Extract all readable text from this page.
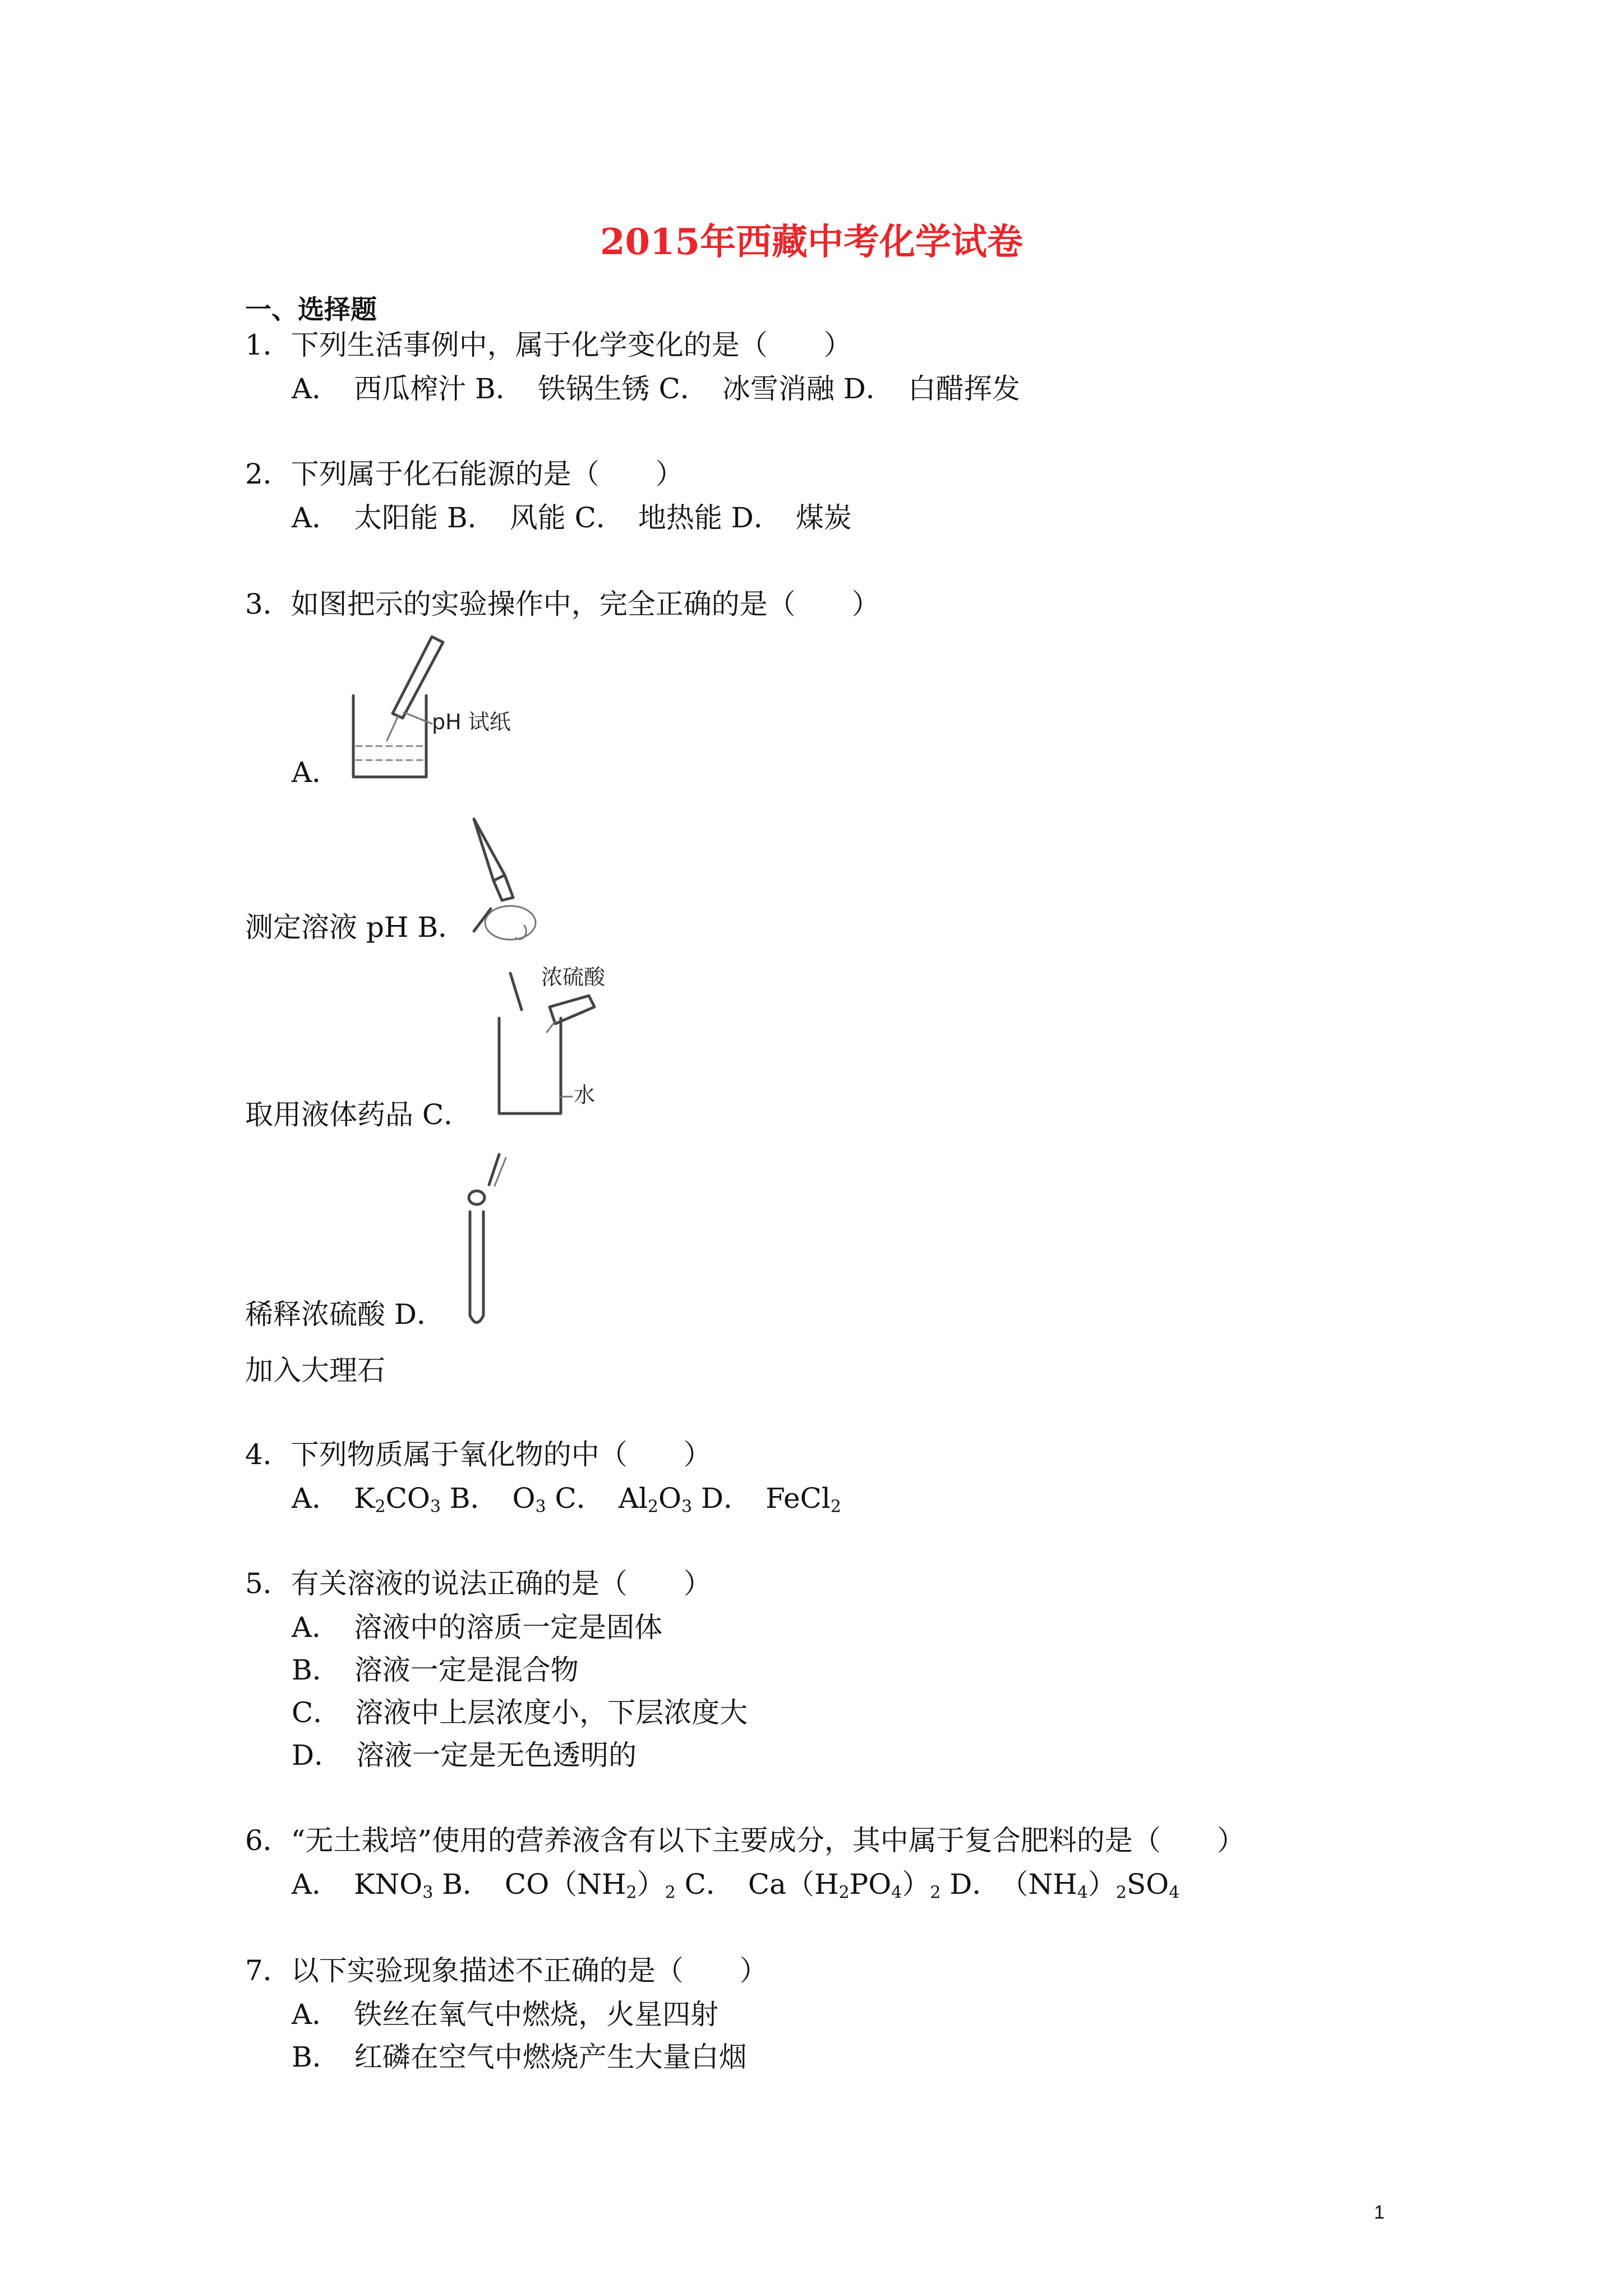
2015年西藏中考化学试卷
一、选择题
1．下列生活事例中，属于化学变化的是（　　）
A．　西瓜榨汁 B．　铁锅生锈 C．　冰雪消融 D．　白醋挥发
2．下列属于化石能源的是（　　）
A．　太阳能 B．　风能 C．　地热能 D．　煤炭
3．如图把示的实验操作中，完全正确的是（　　）
pH 试纸
A．
测定溶液 pH B．
浓硫酸
水
取用液体药品 C．
稀释浓硫酸 D．
加入大理石
4．下列物质属于氧化物的中（　　）
A．　$K_2CO_3$ B．　$O_3$ C．　$Al_2O_3$ D．　FeCl$_2$
5．有关溶液的说法正确的是（　　）
A．　溶液中的溶质一定是固体
B．　溶液一定是混合物
C．　溶液中上层浓度小，下层浓度大
D．　溶液一定是无色透明的
6．“无土栽培”使用的营养液含有以下主要成分，其中属于复合肥料的是（　　）
A．　$KNO_3$ B．　$CO(NH_2)_2$ C．　$Ca(H_2PO_4)_2$ D．　$(NH_4)_2SO_4$
7．以下实验现象描述不正确的是（　　）
A．　铁丝在氧气中燃烧，火星四射
B．　红磷在空气中燃烧产生大量白烟
1
